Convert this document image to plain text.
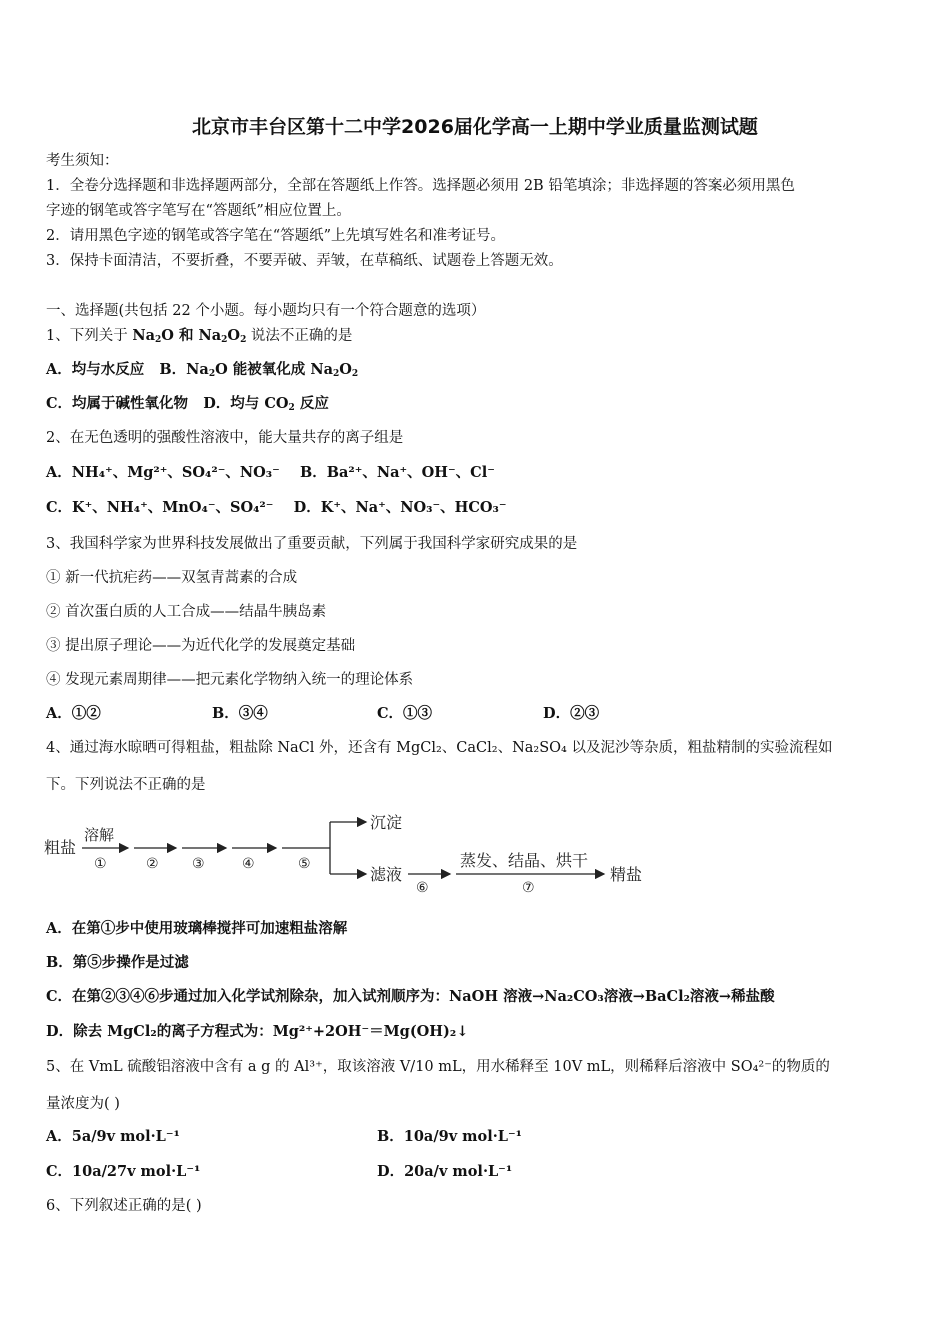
北京市丰台区第十二中学2026届化学高一上期中学业质量监测试题
考生须知：
1．全卷分选择题和非选择题两部分，全部在答题纸上作答。选择题必须用 2B 铅笔填涂；非选择题的答案必须用黑色
字迹的钢笔或答字笔写在“答题纸”相应位置上。
2．请用黑色字迹的钢笔或答字笔在“答题纸”上先填写姓名和准考证号。
3．保持卡面清洁，不要折叠，不要弄破、弄皱，在草稿纸、试题卷上答题无效。
一、选择题(共包括 22 个小题。每小题均只有一个符合题意的选项）
1、下列关于 $Na_2O$ 和 $Na_2O_2$ 说法不正确的是
A．均与水反应 B．$Na_2O$ 能被氧化成 $Na_2O_2$
C．均属于碱性氧化物 D．均与 $CO_2$ 反应
2、在无色透明的强酸性溶液中，能大量共存的离子组是
A．NH₄⁺、Mg²⁺、SO₄²⁻、NO₃⁻ B．Ba²⁺、Na⁺、OH⁻、Cl⁻
C．K⁺、NH₄⁺、MnO₄⁻、SO₄²⁻ D．K⁺、Na⁺、NO₃⁻、HCO₃⁻
3、我国科学家为世界科技发展做出了重要贡献，下列属于我国科学家研究成果的是
① 新一代抗疟药——双氢青蒿素的合成
② 首次蛋白质的人工合成——结晶牛胰岛素
③ 提出原子理论——为近代化学的发展奠定基础
④ 发现元素周期律——把元素化学物纳入统一的理论体系
A．①②	B．③④	C．①③	D．②③
4、通过海水晾晒可得粗盐，粗盐除 NaCl 外，还含有 MgCl₂、CaCl₂、Na₂SO₄ 以及泥沙等杂质，粗盐精制的实验流程如
下。下列说法不正确的是
粗盐
溶解
①	② ③	④	⑤
沉淀
滤液
⑥
蒸发、结晶、烘干
⑦
精盐
A．在第①步中使用玻璃棒搅拌可加速粗盐溶解
B．第⑤步操作是过滤
C．在第②③④⑥步通过加入化学试剂除杂，加入试剂顺序为：NaOH 溶液→Na₂CO₃溶液→BaCl₂溶液→稀盐酸
D．除去 MgCl₂的离子方程式为：Mg²⁺+2OH⁻＝Mg(OH)₂↓
5、在 VmL 硫酸铝溶液中含有 a g 的 Al³⁺，取该溶液 V/10 mL，用水稀释至 10V mL，则稀释后溶液中 SO₄²⁻的物质的
量浓度为( )
A．5a/9v mol·L⁻¹	B．10a/9v mol·L⁻¹
C．10a/27v mol·L⁻¹	D．20a/v mol·L⁻¹
6、下列叙述正确的是( )
